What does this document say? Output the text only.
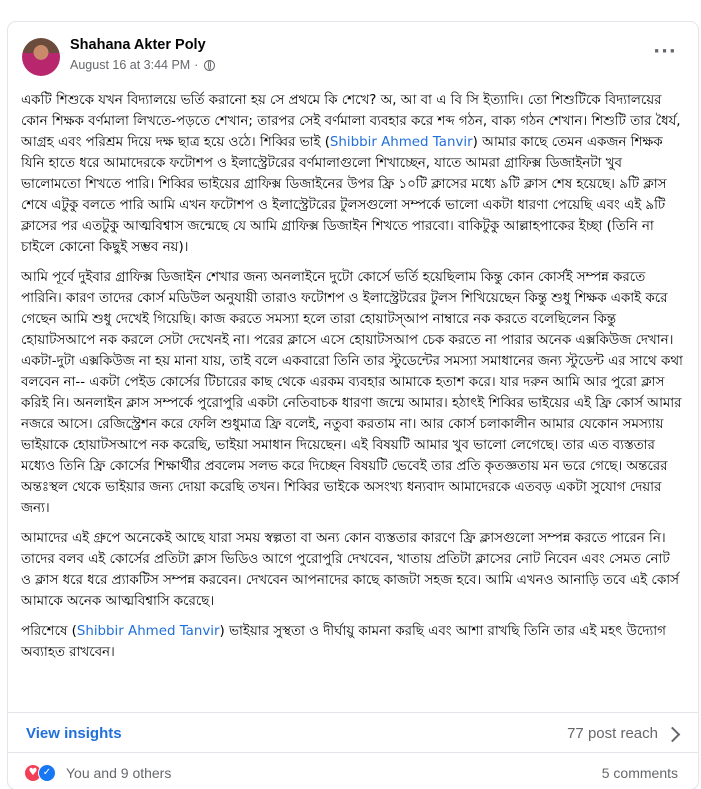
Shahana Akter Poly
August 16 at 3:44 PM ·
···

একটি শিশুকে যখন বিদ্যালয়ে ভর্তি করানো হয় সে প্রথমে কি শেখে? অ, আ বা এ বি সি ইত্যাদি। তো শিশুটিকে বিদ্যালয়ের কোন শিক্ষক বর্ণমালা লিখতে-পড়তে শেখান; তারপর সেই বর্ণমালা ব্যবহার করে শব্দ গঠন, বাক্য গঠন শেখান। শিশুটি তার ধৈর্য, আগ্রহ এবং পরিশ্রম দিয়ে দক্ষ ছাত্র হয়ে ওঠে। শিব্বির ভাই (Shibbir Ahmed Tanvir) আমার কাছে তেমন একজন শিক্ষক যিনি হাতে ধরে আমাদেরকে ফটোশপ ও ইলাস্ট্রেটরের বর্ণমালাগুলো শিখাচ্ছেন, যাতে আমরা গ্রাফিক্স ডিজাইনটা খুব ভালোমতো শিখতে পারি। শিব্বির ভাইয়ের গ্রাফিক্স ডিজাইনের উপর ফ্রি ১০টি ক্লাসের মধ্যে ৯টি ক্লাস শেষ হয়েছে। ৯টি ক্লাস শেষে এটুকু বলতে পারি আমি এখন ফটোশপ ও ইলাস্ট্রেটরের টুলসগুলো সম্পর্কে ভালো একটা ধারণা পেয়েছি এবং এই ৯টি ক্লাসের পর এতটুকু আত্মবিশ্বাস জন্মেছে যে আমি গ্রাফিক্স ডিজাইন শিখতে পারবো। বাকিটুকু আল্লাহপাকের ইচ্ছা (তিনি না চাইলে কোনো কিছুই সম্ভব নয়)।

আমি পূর্বে দুইবার গ্রাফিক্স ডিজাইন শেখার জন্য অনলাইনে দুটো কোর্সে ভর্তি হয়েছিলাম কিন্তু কোন কোর্সই সম্পন্ন করতে পারিনি। কারণ তাদের কোর্স মডিউল অনুযায়ী তারাও ফটোশপ ও ইলাস্ট্রেটরের টুলস শিখিয়েছেন কিন্তু শুধু শিক্ষক একাই করে গেছেন আমি শুধু দেখেই গিয়েছি। কাজ করতে সমস্যা হলে তারা হোয়াটস্আপ নাম্বারে নক করতে বলেছিলেন কিন্তু হোয়াটসআপে নক করলে সেটা দেখেনই না। পরের ক্লাসে এসে হোয়াটসআপ চেক করতে না পারার অনেক এক্সকিউজ দেখান। একটা-দুটা এক্সকিউজ না হয় মানা যায়, তাই বলে একবারো তিনি তার স্টুডেন্টের সমস্যা সমাধানের জন্য স্টুডেন্ট এর সাথে কথা বলবেন না-- একটা পেইড কোর্সের টিচারের কাছ থেকে এরকম ব্যবহার আমাকে হতাশ করে। যার দরুন আমি আর পুরো ক্লাস করিই নি। অনলাইন ক্লাস সম্পর্কে পুরোপুরি একটা নেতিবাচক ধারণা জন্মে আমার। হঠাৎই শিব্বির ভাইয়ের এই ফ্রি কোর্স আমার নজরে আসে। রেজিস্ট্রেশন করে ফেলি শুধুমাত্র ফ্রি বলেই, নতুবা করতাম না। আর কোর্স চলাকালীন আমার যেকোন সমস্যায় ভাইয়াকে হোয়াটসআপে নক করেছি, ভাইয়া সমাধান দিয়েছেন। এই বিষয়টি আমার খুব ভালো লেগেছে। তার এত ব্যস্ততার মধ্যেও তিনি ফ্রি কোর্সের শিক্ষার্থীর প্রবলেম সলভ করে দিচ্ছেন বিষয়টি ভেবেই তার প্রতি কৃতজ্ঞতায় মন ভরে গেছে। অন্তরের অন্তঃস্থল থেকে ভাইয়ার জন্য দোয়া করেছি তখন। শিব্বির ভাইকে অসংখ্য ধন্যবাদ আমাদেরকে এতবড় একটা সুযোগ দেয়ার জন্য।

আমাদের এই গ্রুপে অনেকেই আছে যারা সময় স্বল্পতা বা অন্য কোন ব্যস্ততার কারণে ফ্রি ক্লাসগুলো সম্পন্ন করতে পারেন নি। তাদের বলব এই কোর্সের প্রতিটা ক্লাস ভিডিও আগে পুরোপুরি দেখবেন, খাতায় প্রতিটা ক্লাসের নোট নিবেন এবং সেমত নোট ও ক্লাস ধরে ধরে প্র্যাকটিস সম্পন্ন করবেন। দেখবেন আপনাদের কাছে কাজটা সহজ হবে। আমি এখনও আনাড়ি তবে এই কোর্স আমাকে অনেক আত্মবিশ্বাসি করেছে।

পরিশেষে (Shibbir Ahmed Tanvir) ভাইয়ার সুস্থতা ও দীর্ঘায়ু কামনা করছি এবং আশা রাখছি তিনি তার এই মহৎ উদ্যোগ অব্যাহত রাখবেন।

View insights	77 post reach
♥ ✓	You and 9 others	5 comments
